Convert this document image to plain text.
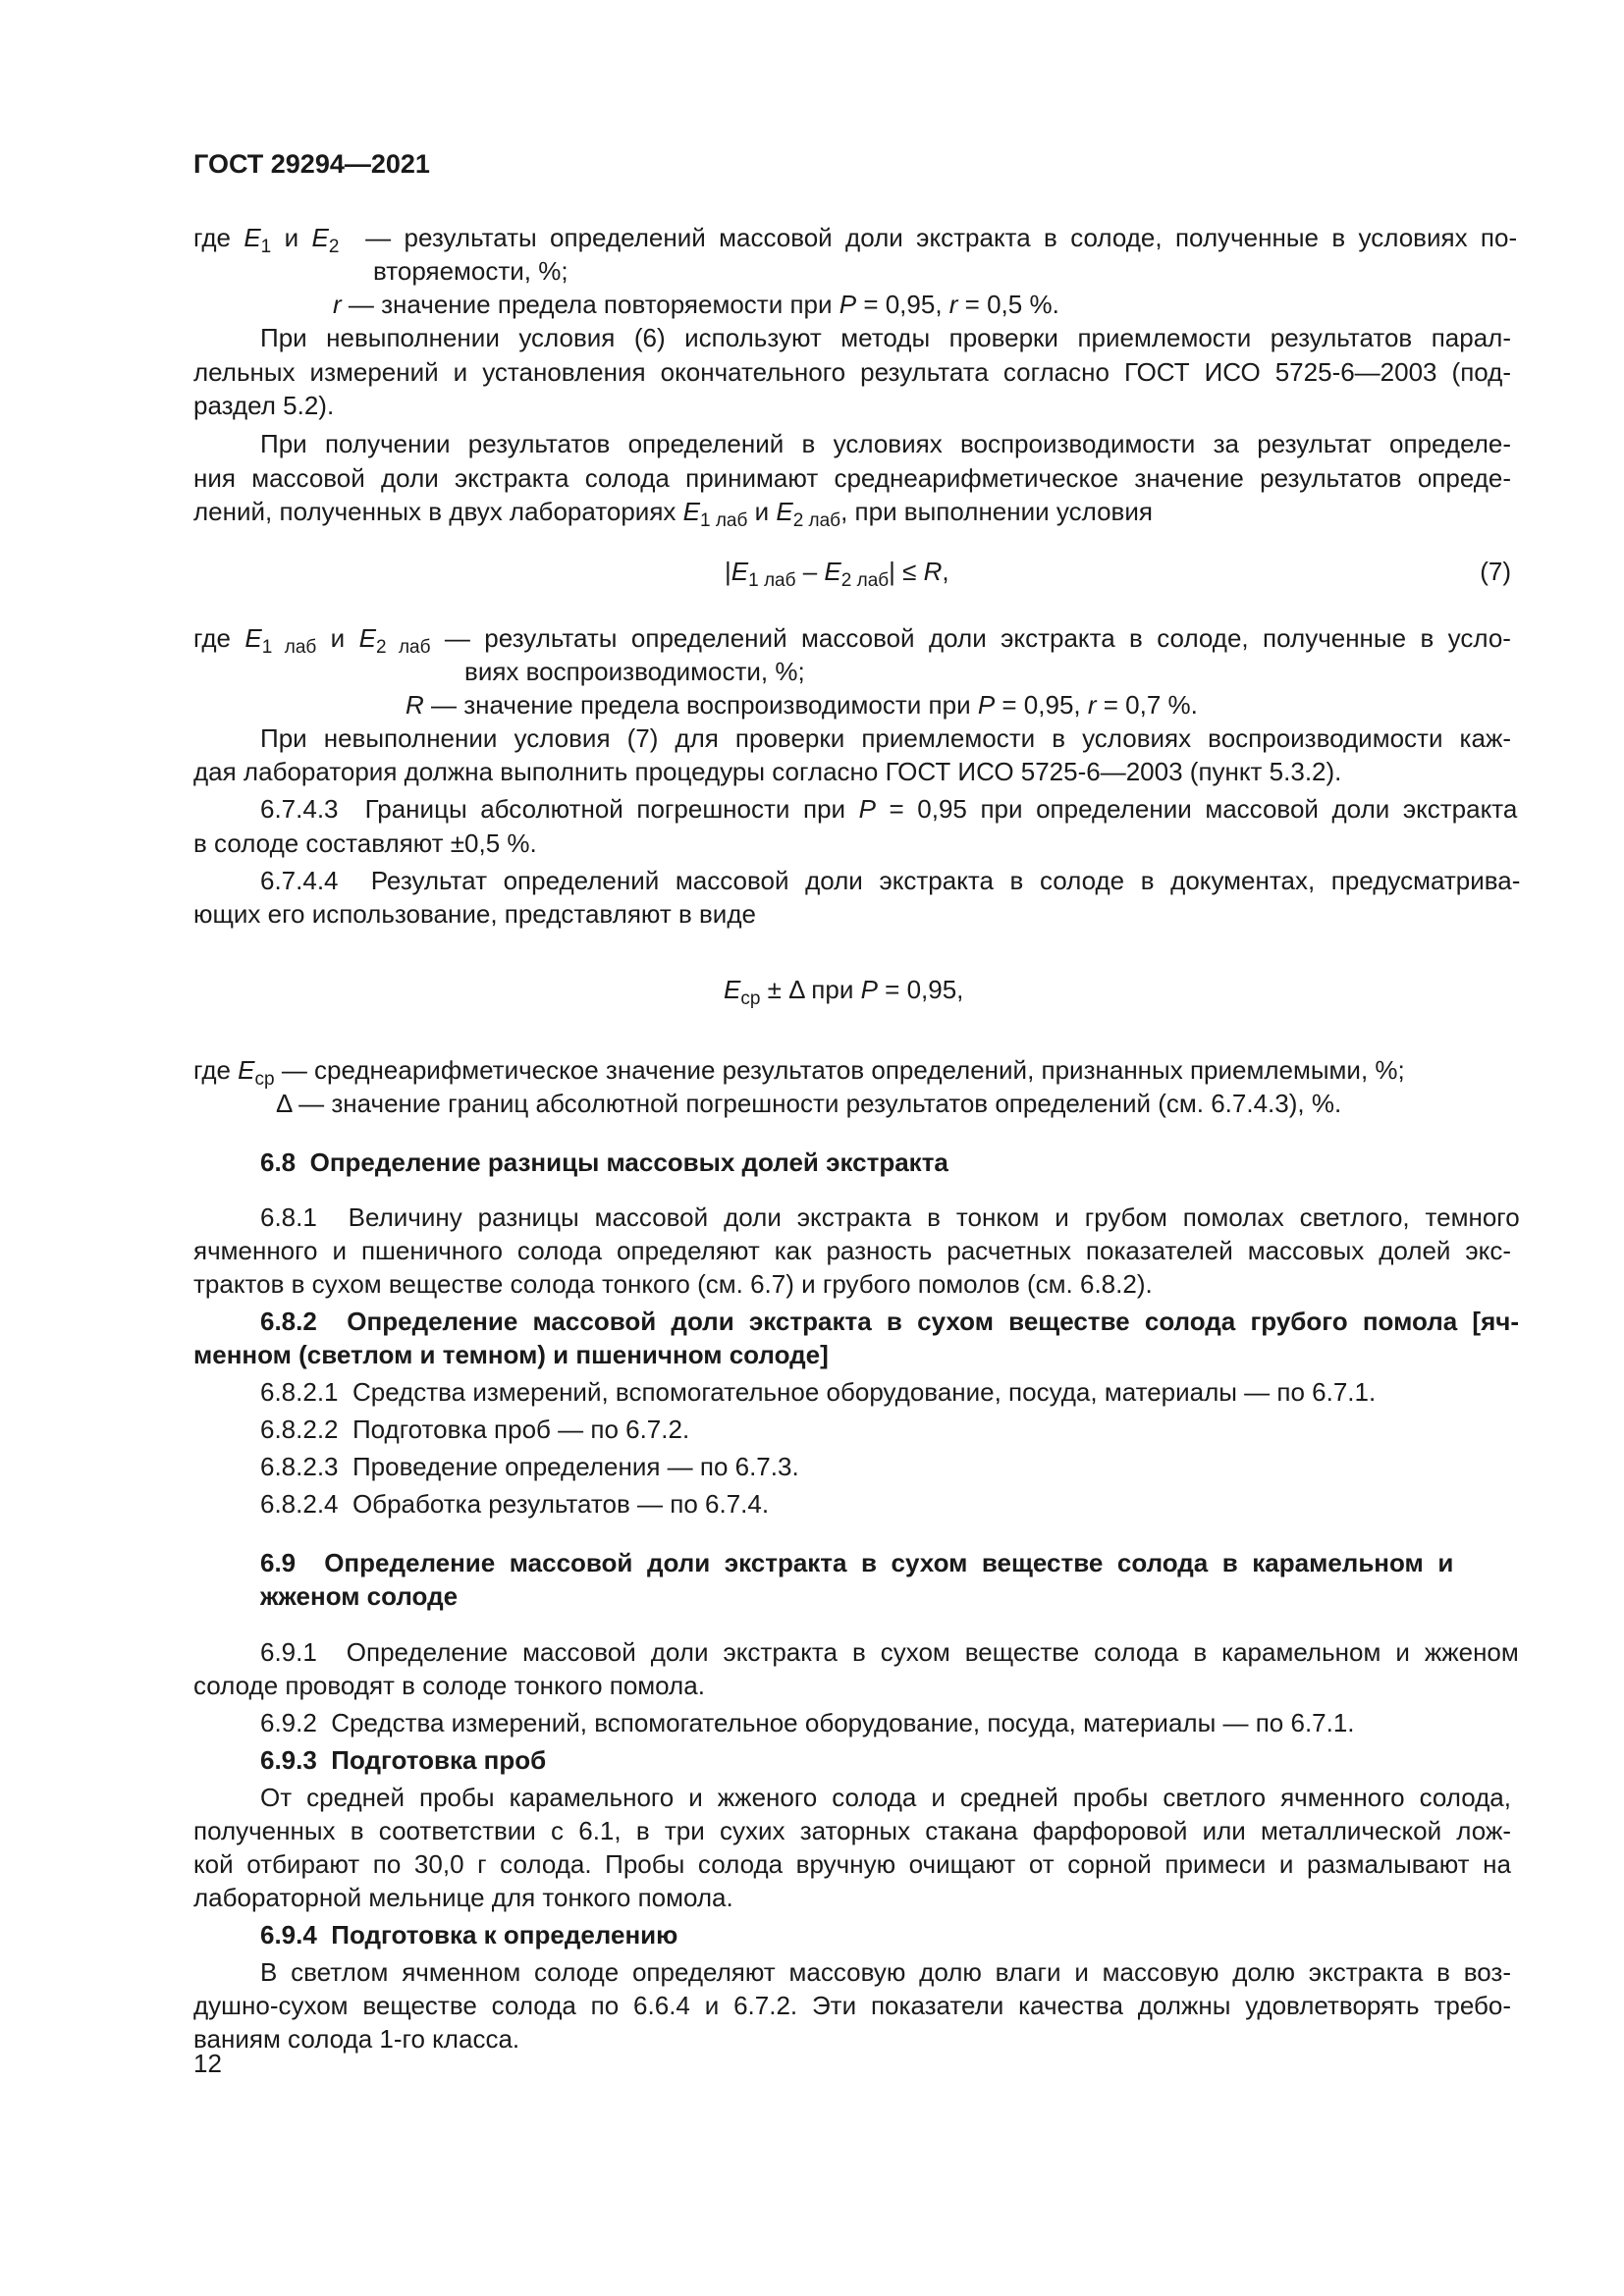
ГОСТ 29294—2021
где $E_1$ и $E_2$  — результаты определений массовой доли экстракта в солоде, полученные в условиях по-
вторяемости, %;
r — значение предела повторяемости при P = 0,95, r = 0,5 %.
При невыполнении условия (6) используют методы проверки приемлемости результатов парал-
лельных измерений и установления окончательного результата согласно ГОСТ ИСО 5725-6—2003 (под-
раздел 5.2).
При получении результатов определений в условиях воспроизводимости за результат определе-
ния массовой доли экстракта солода принимают среднеарифметическое значение результатов опреде-
лений, полученных в двух лабораториях $E_{1 лаб}$ и $E_{2 лаб}$, при выполнении условия
$|E_{1 лаб} - E_{2 лаб}| \le R$,
где $E_{1 лаб}$ и $E_{2 лаб}$ — результаты определений массовой доли экстракта в солоде, полученные в усло-
виях воспроизводимости, %;
R — значение предела воспроизводимости при P = 0,95, r = 0,7 %.
При невыполнении условия (7) для проверки приемлемости в условиях воспроизводимости каж-
дая лаборатория должна выполнить процедуры согласно ГОСТ ИСО 5725-6—2003 (пункт 5.3.2).
6.7.4.3  Границы абсолютной погрешности при P = 0,95 при определении массовой доли экстракта
в солоде составляют ±0,5 %.
6.7.4.4  Результат определений массовой доли экстракта в солоде в документах, предусматрива-
ющих его использование, представляют в виде
$E_{ср} \pm \Delta$ при P = 0,95,
где $E_{ср}$ — среднеарифметическое значение результатов определений, признанных приемлемыми, %;
Δ — значение границ абсолютной погрешности результатов определений (см. 6.7.4.3), %.
6.8  Определение разницы массовых долей экстракта
6.8.1  Величину разницы массовой доли экстракта в тонком и грубом помолах светлого, темного
ячменного и пшеничного солода определяют как разность расчетных показателей массовых долей экс-
трактов в сухом веществе солода тонкого (см. 6.7) и грубого помолов (см. 6.8.2).
6.8.2  Определение массовой доли экстракта в сухом веществе солода грубого помола [яч-
менном (светлом и темном) и пшеничном солоде]
6.8.2.1  Средства измерений, вспомогательное оборудование, посуда, материалы — по 6.7.1.
6.8.2.2  Подготовка проб — по 6.7.2.
6.8.2.3  Проведение определения — по 6.7.3.
6.8.2.4  Обработка результатов — по 6.7.4.
6.9  Определение массовой доли экстракта в сухом веществе солода в карамельном и
жженом солоде
6.9.1  Определение массовой доли экстракта в сухом веществе солода в карамельном и жженом
солоде проводят в солоде тонкого помола.
6.9.2  Средства измерений, вспомогательное оборудование, посуда, материалы — по 6.7.1.
6.9.3  Подготовка проб
От средней пробы карамельного и жженого солода и средней пробы светлого ячменного солода,
полученных в соответствии с 6.1, в три сухих заторных стакана фарфоровой или металлической лож-
кой отбирают по 30,0 г солода. Пробы солода вручную очищают от сорной примеси и размалывают на
лабораторной мельнице для тонкого помола.
6.9.4  Подготовка к определению
В светлом ячменном солоде определяют массовую долю влаги и массовую долю экстракта в воз-
душно-сухом веществе солода по 6.6.4 и 6.7.2. Эти показатели качества должны удовлетворять требо-
ваниям солода 1-го класса.
(7)
12
